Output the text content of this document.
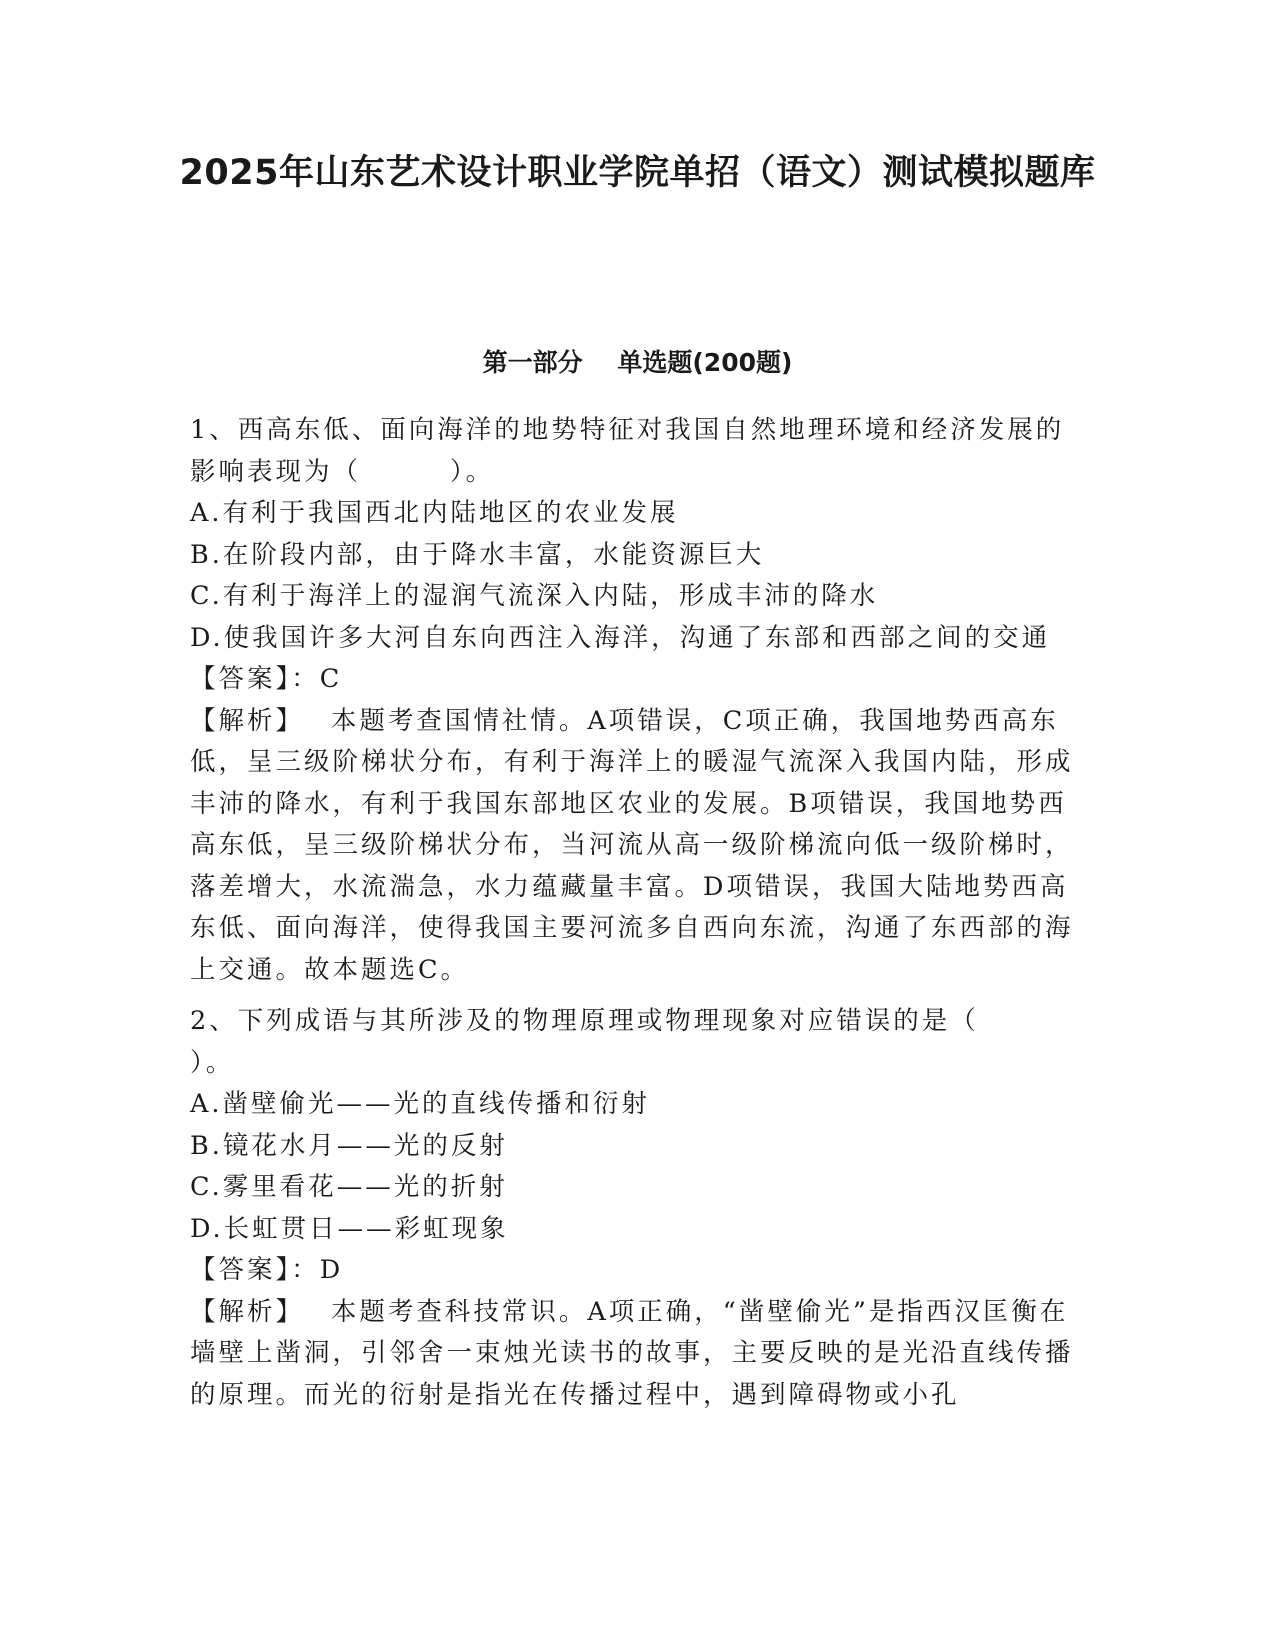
2025年山东艺术设计职业学院单招（语文）测试模拟题库
第一部分    单选题(200题)

1、西高东低、面向海洋的地势特征对我国自然地理环境和经济发展的影响表现为（        ）。

A.有利于我国西北内陆地区的农业发展

B.在阶段内部，由于降水丰富，水能资源巨大

C.有利于海洋上的湿润气流深入内陆，形成丰沛的降水

D.使我国许多大河自东向西注入海洋，沟通了东部和西部之间的交通

【答案】：C

【解析】　 本题考查国情社情。A项错误，C项正确，我国地势西高东低，呈三级阶梯状分布，有利于海洋上的暖湿气流深入我国内陆，形成丰沛的降水，有利于我国东部地区农业的发展。B项错误，我国地势西高东低，呈三级阶梯状分布，当河流从高一级阶梯流向低一级阶梯时，落差增大，水流湍急，水力蕴藏量丰富。D项错误，我国大陆地势西高东低、面向海洋，使得我国主要河流多自西向东流，沟通了东西部的海上交通。故本题选C。

2、下列成语与其所涉及的物理原理或物理现象对应错误的是（        ）。

A.凿壁偷光——光的直线传播和衍射

B.镜花水月——光的反射

C.雾里看花——光的折射

D.长虹贯日——彩虹现象

【答案】：D

【解析】　 本题考查科技常识。A项正确，“凿壁偷光”是指西汉匡衡在墙壁上凿洞，引邻舍一束烛光读书的故事，主要反映的是光沿直线传播的原理。而光的衍射是指光在传播过程中，遇到障碍物或小孔
